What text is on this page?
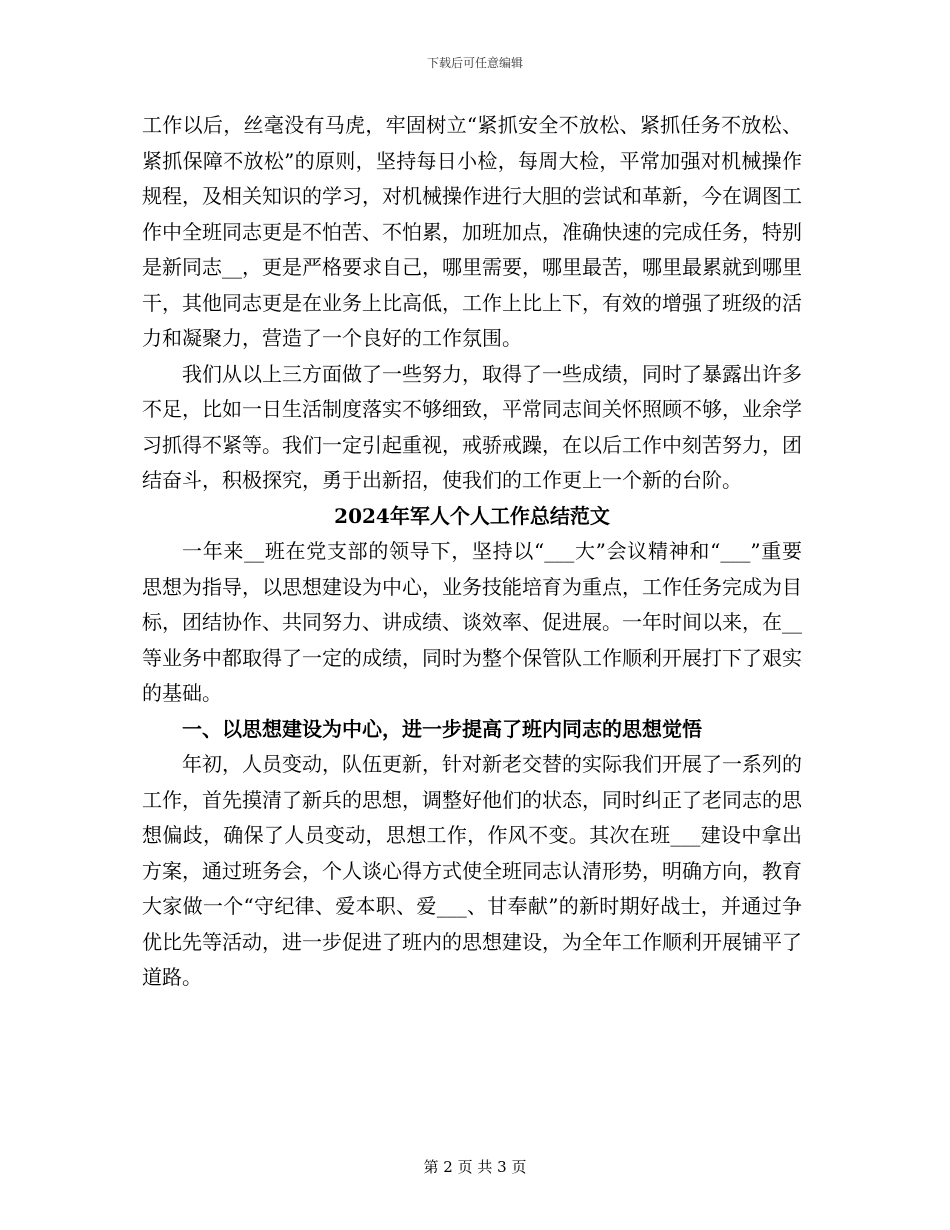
下载后可任意编辑

工作以后，丝毫没有马虎，牢固树立“紧抓安全不放松、紧抓任务不放松、紧抓保障不放松”的原则，坚持每日小检，每周大检，平常加强对机械操作规程，及相关知识的学习，对机械操作进行大胆的尝试和革新，今在调图工作中全班同志更是不怕苦、不怕累，加班加点，准确快速的完成任务，特别是新同志__，更是严格要求自己，哪里需要，哪里最苦，哪里最累就到哪里干，其他同志更是在业务上比高低，工作上比上下，有效的增强了班级的活力和凝聚力，营造了一个良好的工作氛围。

我们从以上三方面做了一些努力，取得了一些成绩，同时了暴露出许多不足，比如一日生活制度落实不够细致，平常同志间关怀照顾不够，业余学习抓得不紧等。我们一定引起重视，戒骄戒躁，在以后工作中刻苦努力，团结奋斗，积极探究，勇于出新招，使我们的工作更上一个新的台阶。

2024年军人个人工作总结范文

一年来__班在党支部的领导下，坚持以“___大”会议精神和“___”重要思想为指导，以思想建设为中心，业务技能培育为重点，工作任务完成为目标，团结协作、共同努力、讲成绩、谈效率、促进展。一年时间以来，在__等业务中都取得了一定的成绩，同时为整个保管队工作顺利开展打下了艰实的基础。

一、以思想建设为中心，进一步提高了班内同志的思想觉悟

年初，人员变动，队伍更新，针对新老交替的实际我们开展了一系列的工作，首先摸清了新兵的思想，调整好他们的状态，同时纠正了老同志的思想偏歧，确保了人员变动，思想工作，作风不变。其次在班___建设中拿出方案，通过班务会，个人谈心得方式使全班同志认清形势，明确方向，教育大家做一个“守纪律、爱本职、爱___、甘奉献”的新时期好战士，并通过争优比先等活动，进一步促进了班内的思想建设，为全年工作顺利开展铺平了道路。

第 2 页 共 3 页
